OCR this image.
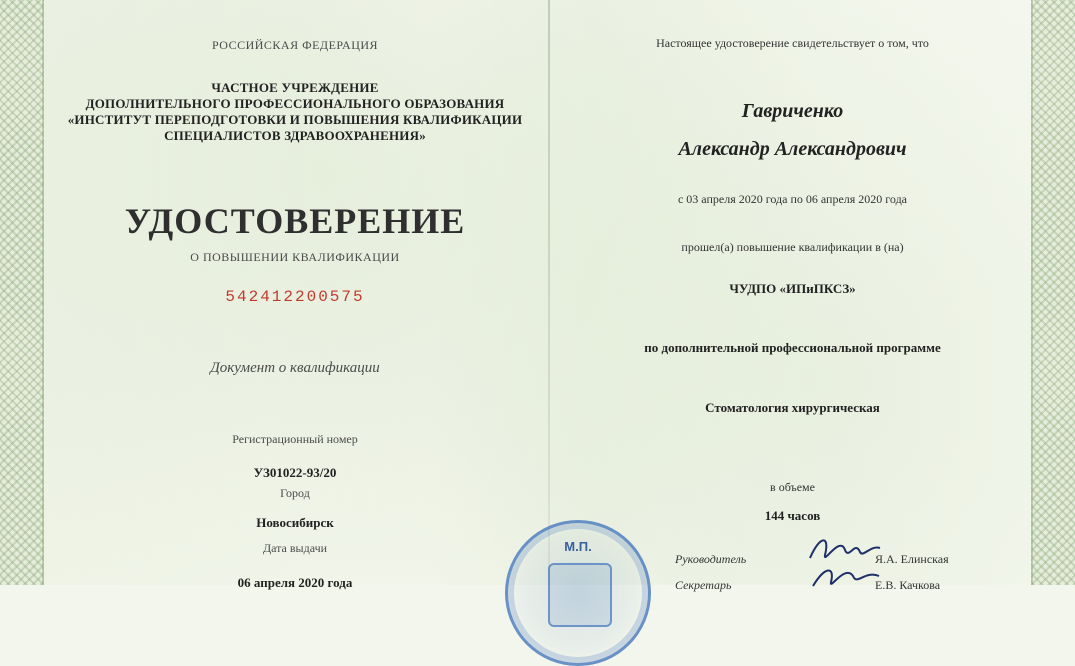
РОССИЙСКАЯ ФЕДЕРАЦИЯ
ЧАСТНОЕ УЧРЕЖДЕНИЕ
ДОПОЛНИТЕЛЬНОГО ПРОФЕССИОНАЛЬНОГО ОБРАЗОВАНИЯ
«ИНСТИТУТ ПЕРЕПОДГОТОВКИ И ПОВЫШЕНИЯ КВАЛИФИКАЦИИ
СПЕЦИАЛИСТОВ ЗДРАВООХРАНЕНИЯ»
УДОСТОВЕРЕНИЕ
О ПОВЫШЕНИИ КВАЛИФИКАЦИИ
542412200575
Документ о квалификации
Регистрационный номер
УЗ01022-93/20
Город
Новосибирск
Дата выдачи
06 апреля 2020 года
Настоящее удостоверение свидетельствует о том, что
Гавриченко
Александр Александрович
с 03 апреля 2020 года по 06 апреля 2020 года
прошел(а) повышение квалификации в (на)
ЧУДПО «ИПиПКСЗ»
по дополнительной профессиональной программе
Стоматология хирургическая
в объеме
144 часов
М.П.
Руководитель	Я.А. Елинская
Секретарь	Е.В. Качкова
